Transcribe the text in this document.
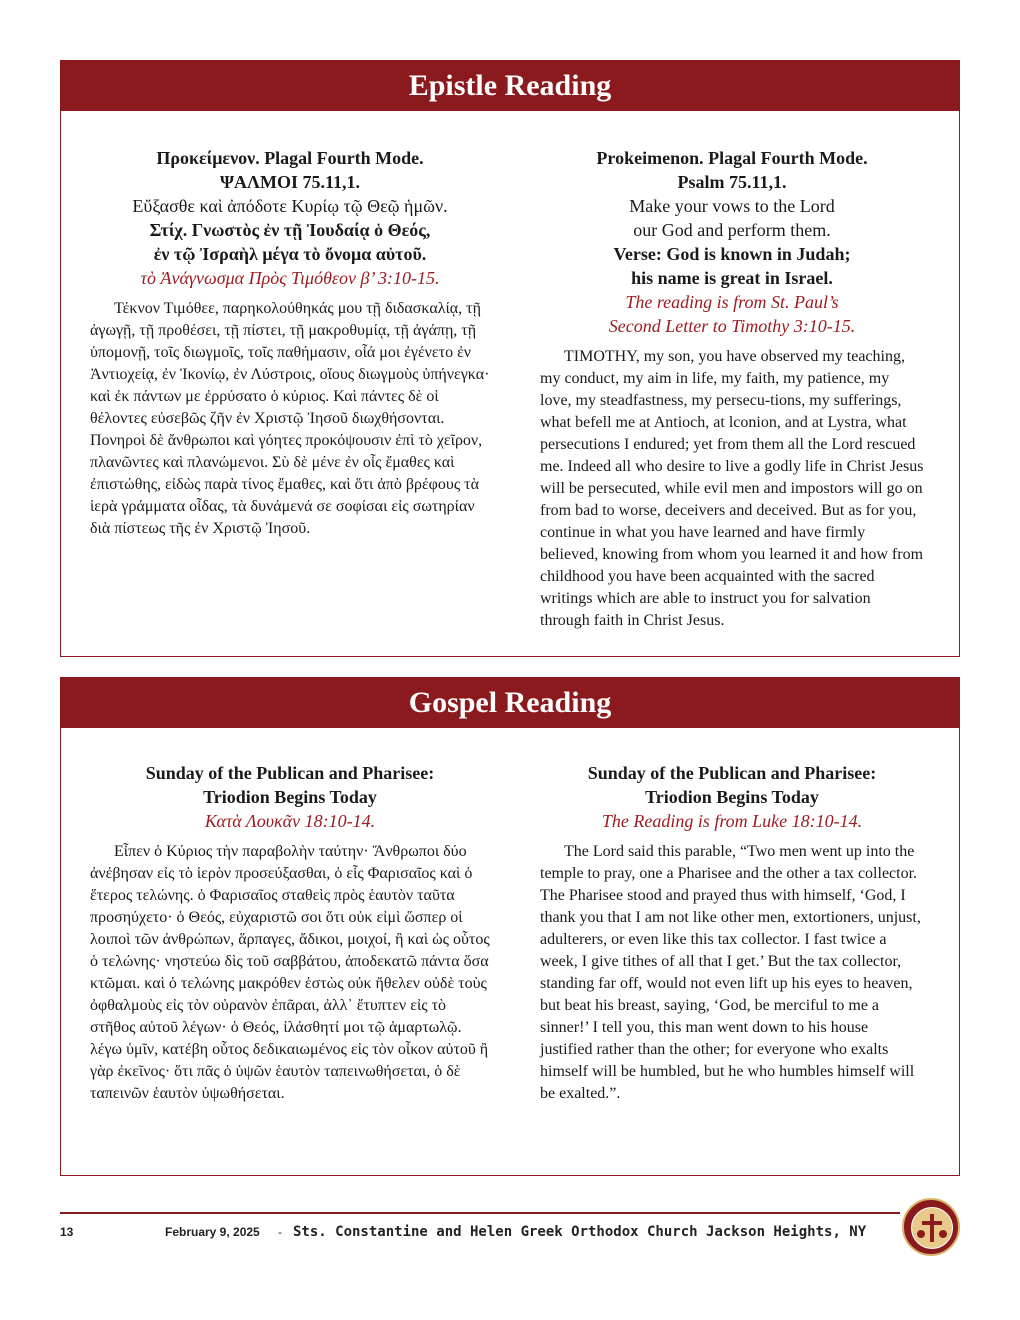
Epistle Reading
Προκείμενον. Plagal Fourth Mode.
ΨΑΛΜΟΙ 75.11,1.
Εὔξασθε καὶ ἀπόδοτε Κυρίῳ τῷ Θεῷ ἡμῶν.
Στίχ. Γνωστὸς ἐν τῇ Ἰουδαίᾳ ὁ Θεός,
ἐν τῷ Ἰσραὴλ μέγα τὸ ὄνομα αὐτοῦ.
τὸ Ἀνάγνωσμα Πρὸς Τιμόθεον β’ 3:10-15.
Τέκνον Τιμόθεε, παρηκολούθηκάς μου τῇ διδασκαλίᾳ, τῇ ἀγωγῇ, τῇ προθέσει, τῇ πίστει, τῇ μακροθυμίᾳ, τῇ ἀγάπῃ, τῇ ὑπομονῇ, τοῖς διωγμοῖς, τοῖς παθήμασιν, οἷά μοι ἐγένετο ἐν Ἀντιοχείᾳ, ἐν Ἰκονίῳ, ἐν Λύστροις, οἵους διωγμοὺς ὑπήνεγκα· καὶ ἐκ πάντων με ἐρρύσατο ὁ κύριος. Καὶ πάντες δὲ οἱ θέλοντες εὐσεβῶς ζῆν ἐν Χριστῷ Ἰησοῦ διωχθήσονται. Πονηροὶ δὲ ἄνθρωποι καὶ γόητες προκόψουσιν ἐπὶ τὸ χεῖρον, πλανῶντες καὶ πλανώμενοι. Σὺ δὲ μένε ἐν οἷς ἔμαθες καὶ ἐπιστώθης, εἰδὼς παρὰ τίνος ἔμαθες, καὶ ὅτι ἀπὸ βρέφους τὰ ἱερὰ γράμματα οἶδας, τὰ δυνάμενά σε σοφίσαι εἰς σωτηρίαν διὰ πίστεως τῆς ἐν Χριστῷ Ἰησοῦ.
Prokeimenon. Plagal Fourth Mode.
Psalm 75.11,1.
Make your vows to the Lord
our God and perform them.
Verse: God is known in Judah;
his name is great in Israel.
The reading is from St. Paul’s
Second Letter to Timothy 3:10-15.
TIMOTHY, my son, you have observed my teaching, my conduct, my aim in life, my faith, my patience, my love, my steadfastness, my persecu-tions, my sufferings, what befell me at Antioch, at lconion, and at Lystra, what persecutions I endured; yet from them all the Lord rescued me. Indeed all who desire to live a godly life in Christ Jesus will be persecuted, while evil men and impostors will go on from bad to worse, deceivers and deceived. But as for you, continue in what you have learned and have firmly believed, knowing from whom you learned it and how from childhood you have been acquainted with the sacred writings which are able to instruct you for salvation through faith in Christ Jesus.
Gospel Reading
Sunday of the Publican and Pharisee:
Triodion Begins Today
Κατὰ Λουκᾶν 18:10-14.
Εἶπεν ὁ Κύριος τὴν παραβολὴν ταύτην· Ἄνθρωποι δύο ἀνέβησαν εἰς τὸ ἱερὸν προσεύξασθαι, ὁ εἷς Φαρισαῖος καὶ ὁ ἕτερος τελώνης. ὁ Φαρισαῖος σταθεὶς πρὸς ἑαυτὸν ταῦτα προσηύχετο· ὁ Θεός, εὐχαριστῶ σοι ὅτι οὐκ εἰμὶ ὥσπερ οἱ λοιποὶ τῶν ἀνθρώπων, ἅρπαγες, ἄδικοι, μοιχοί, ἢ καὶ ὡς οὗτος ὁ τελώνης· νηστεύω δὶς τοῦ σαββάτου, ἀποδεκατῶ πάντα ὅσα κτῶμαι. καὶ ὁ τελώνης μακρόθεν ἑστὼς οὐκ ἤθελεν οὐδὲ τοὺς ὀφθαλμοὺς εἰς τὸν οὐρανὸν ἐπᾶραι, ἀλλ᾿ ἔτυπτεν εἰς τὸ στῆθος αὐτοῦ λέγων· ὁ Θεός, ἱλάσθητί μοι τῷ ἁμαρτωλῷ. λέγω ὑμῖν, κατέβη οὗτος δεδικαιωμένος εἰς τὸν οἶκον αὐτοῦ ἢ γὰρ ἐκεῖνος· ὅτι πᾶς ὁ ὑψῶν ἑαυτὸν ταπεινωθήσεται, ὁ δὲ ταπεινῶν ἑαυτὸν ὑψωθήσεται.
Sunday of the Publican and Pharisee:
Triodion Begins Today
The Reading is from Luke 18:10-14.
The Lord said this parable, “Two men went up into the temple to pray, one a Pharisee and the other a tax collector. The Pharisee stood and prayed thus with himself, ‘God, I thank you that I am not like other men, extortioners, unjust, adulterers, or even like this tax collector. I fast twice a week, I give tithes of all that I get.’ But the tax collector, standing far off, would not even lift up his eyes to heaven, but beat his breast, saying, ‘God, be merciful to me a sinner!’ I tell you, this man went down to his house justified rather than the other; for everyone who exalts himself will be humbled, but he who humbles himself will be exalted.”.
13	February 9, 2025 - Sts. Constantine and Helen Greek Orthodox Church Jackson Heights, NY
